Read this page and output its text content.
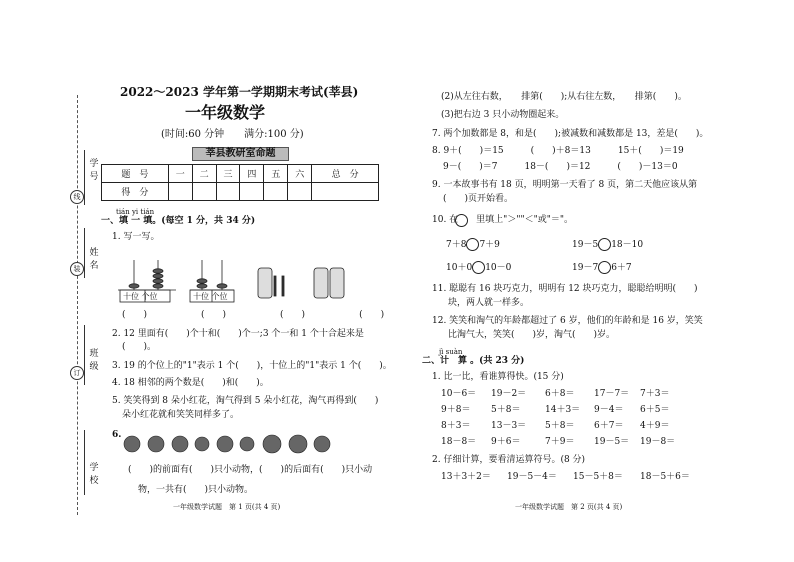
学号
姓名
班级
学校
装
订
线
2022～2023 学年第一学期期末考试(莘县)
一年级数学
(时间:60 分钟　　满分:100 分)
莘县教研室命题
题　号	一	二	三	四	五	六	总　分
得　分							
tián yi tián
一、填 一 填。(每空 1 分，共 34 分)
1. 写一写。
十位 个位	十位 个位
(　　)　　　　　　(　　)　　　　　　(　　)　　　　　　(　　)
2. 12 里面有(　　)个十和(　　)个一;3 个一和 1 个十合起来是
(　　)。
3. 19 的个位上的"1"表示 1 个(　　)，十位上的"1"表示 1 个(　　)。
4. 18 相邻的两个数是(　　)和(　　)。
5. 笑笑得到 8 朵小红花，淘气得到 5 朵小红花，淘气再得到(　　)
朵小红花就和笑笑同样多了。
6.
(　　)的前面有(　　)只小动物，(　　)的后面有(　　)只小动
物，一共有(　　)只小动物。
一年级数学试题　第 1 页(共 4 页)
(2)从左往右数，　　排第(　　);从右往左数，　　排第(　　)。
(3)把右边 3 只小动物圈起来。
7. 两个加数都是 8，和是(　　);被减数和减数都是 13，差是(　　)。
8. 9＋(　　)＝15　　　(　　)＋8＝13　　　15＋(　　)＝19
9－(　　)＝7　　　18－(　　)＝12　　　(　　)－13＝0
9. 一本故事书有 18 页，明明第一天看了 8 页，第二天他应该从第
(　　)页开始看。
10. 在　　里填上"＞""＜"或"＝"。
7＋8 7＋9	19－5 18－10
10＋0 10－0	19－7 6＋7
11. 聪聪有 16 块巧克力，明明有 12 块巧克力，聪聪给明明(　　)
块，两人就一样多。
12. 笑笑和淘气的年龄都超过了 6 岁，他们的年龄和是 16 岁，笑笑
比淘气大，笑笑(　　)岁，淘气(　　)岁。
jì suàn
二、计　算 。(共 23 分)
1. 比一比，看谁算得快。(15 分)
10－6＝ 19－2＝ 6＋8＝ 17－7＝ 7＋3＝
9＋8＝ 5＋8＝	14＋3＝ 9－4＝ 6＋5＝
8＋3＝ 13－3＝ 5＋8＝ 6＋7＝ 4＋9＝
18－8＝ 9＋6＝	7＋9＝ 19－5＝ 19－8＝
2. 仔细计算，要看清运算符号。(8 分)
13＋3＋2＝ 19－5－4＝ 15－5＋8＝ 18－5＋6＝
一年级数学试题　第 2 页(共 4 页)
